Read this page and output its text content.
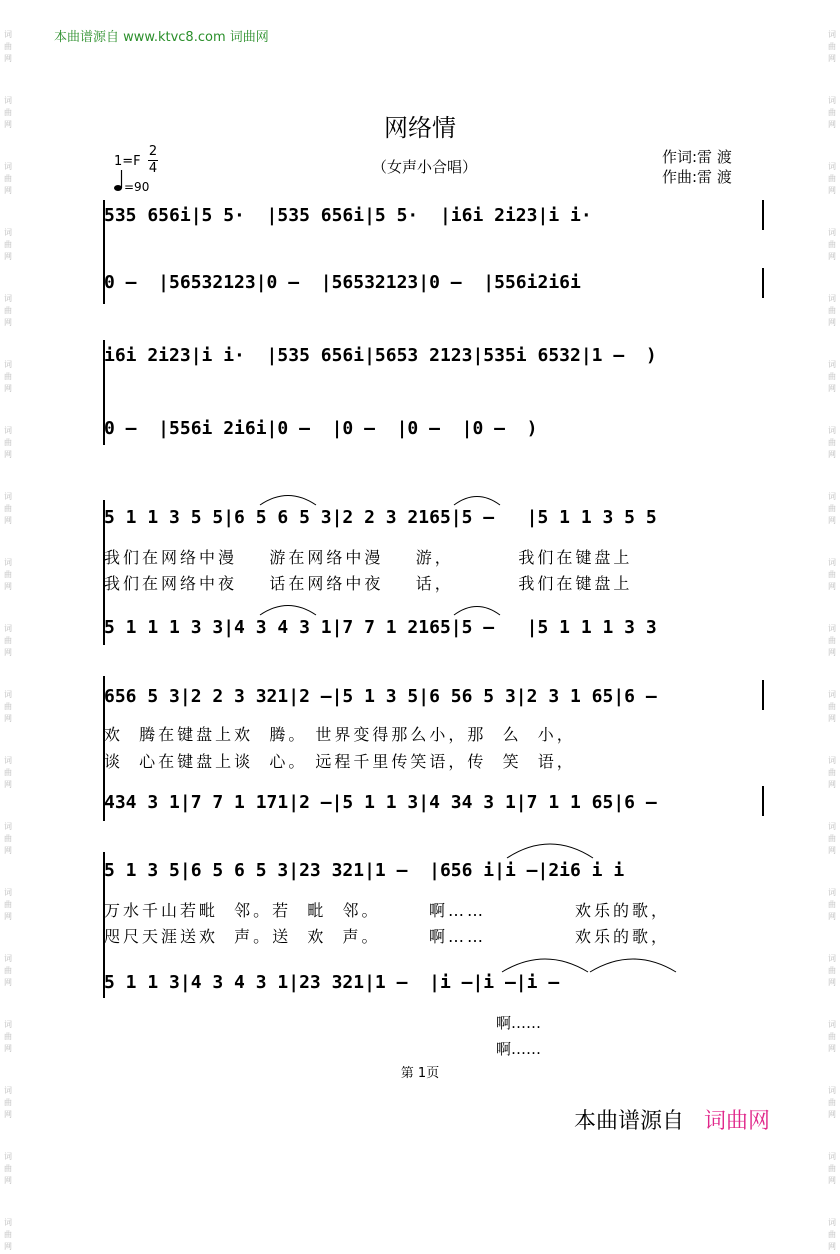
词
曲
网
词
曲
网
词
曲
网
词
曲
网
词
曲
网
词
曲
网
词
曲
网
词
曲
网
词
曲
网
词
曲
网
词
曲
网
词
曲
网
词
曲
网
词
曲
网
词
曲
网
词
曲
网
词
曲
网
词
曲
网
词
曲
网
词
曲
网
词
曲
网
词
曲
网
词
曲
网
词
曲
网
词
曲
网
词
曲
网
词
曲
网
词
曲
网
词
曲
网
词
曲
网
词
曲
网
词
曲
网
词
曲
网
词
曲
网
词
曲
网
词
曲
网
词
曲
网
词
曲
网
本曲谱源自 www.ktvc8.com 词曲网
网络情
（女声小合唱）
作词:雷 渡
作曲:雷 渡
1=F
2
4
=90
535 656i|5 5·  |535 656i|5 5·  |i6i 2i23|i i·
0 –  |56532123|0 –  |56532123|0 –  |556i2i6i
i6i 2i23|i i·  |535 656i|5653 2123|535i 6532|1 –  )
0 –  |556i 2i6i|0 –  |0 –  |0 –  |0 –  )
5 1 1 3 5 5|6 5 6 5 3|2 2 3 2165|5 –   |5 1 1 3 5 5
我们在网络中漫    游在网络中漫    游，        我们在键盘上
我们在网络中夜    话在网络中夜    话，        我们在键盘上
5 1 1 1 3 3|4 3 4 3 1|7 7 1 2165|5 –   |5 1 1 1 3 3
656 5 3|2 2 3 321|2 –|5 1 3 5|6 56 5 3|2 3 1 65|6 –
欢  腾在键盘上欢  腾。 世界变得那么小，那  么  小，
谈  心在键盘上谈  心。 远程千里传笑语，传  笑  语，
434 3 1|7 7 1 171|2 –|5 1 1 3|4 34 3 1|7 1 1 65|6 –
5 1 3 5|6 5 6 5 3|23 321|1 –  |656 i|i –|2i6 i i
万水千山若毗  邻。若  毗  邻。      啊……           欢乐的歌，
咫尺天涯送欢  声。送  欢  声。      啊……           欢乐的歌，
5 1 1 3|4 3 4 3 1|23 321|1 –  |i –|i –|i –
啊……
啊……
第 1页
本曲谱源自 词曲网
